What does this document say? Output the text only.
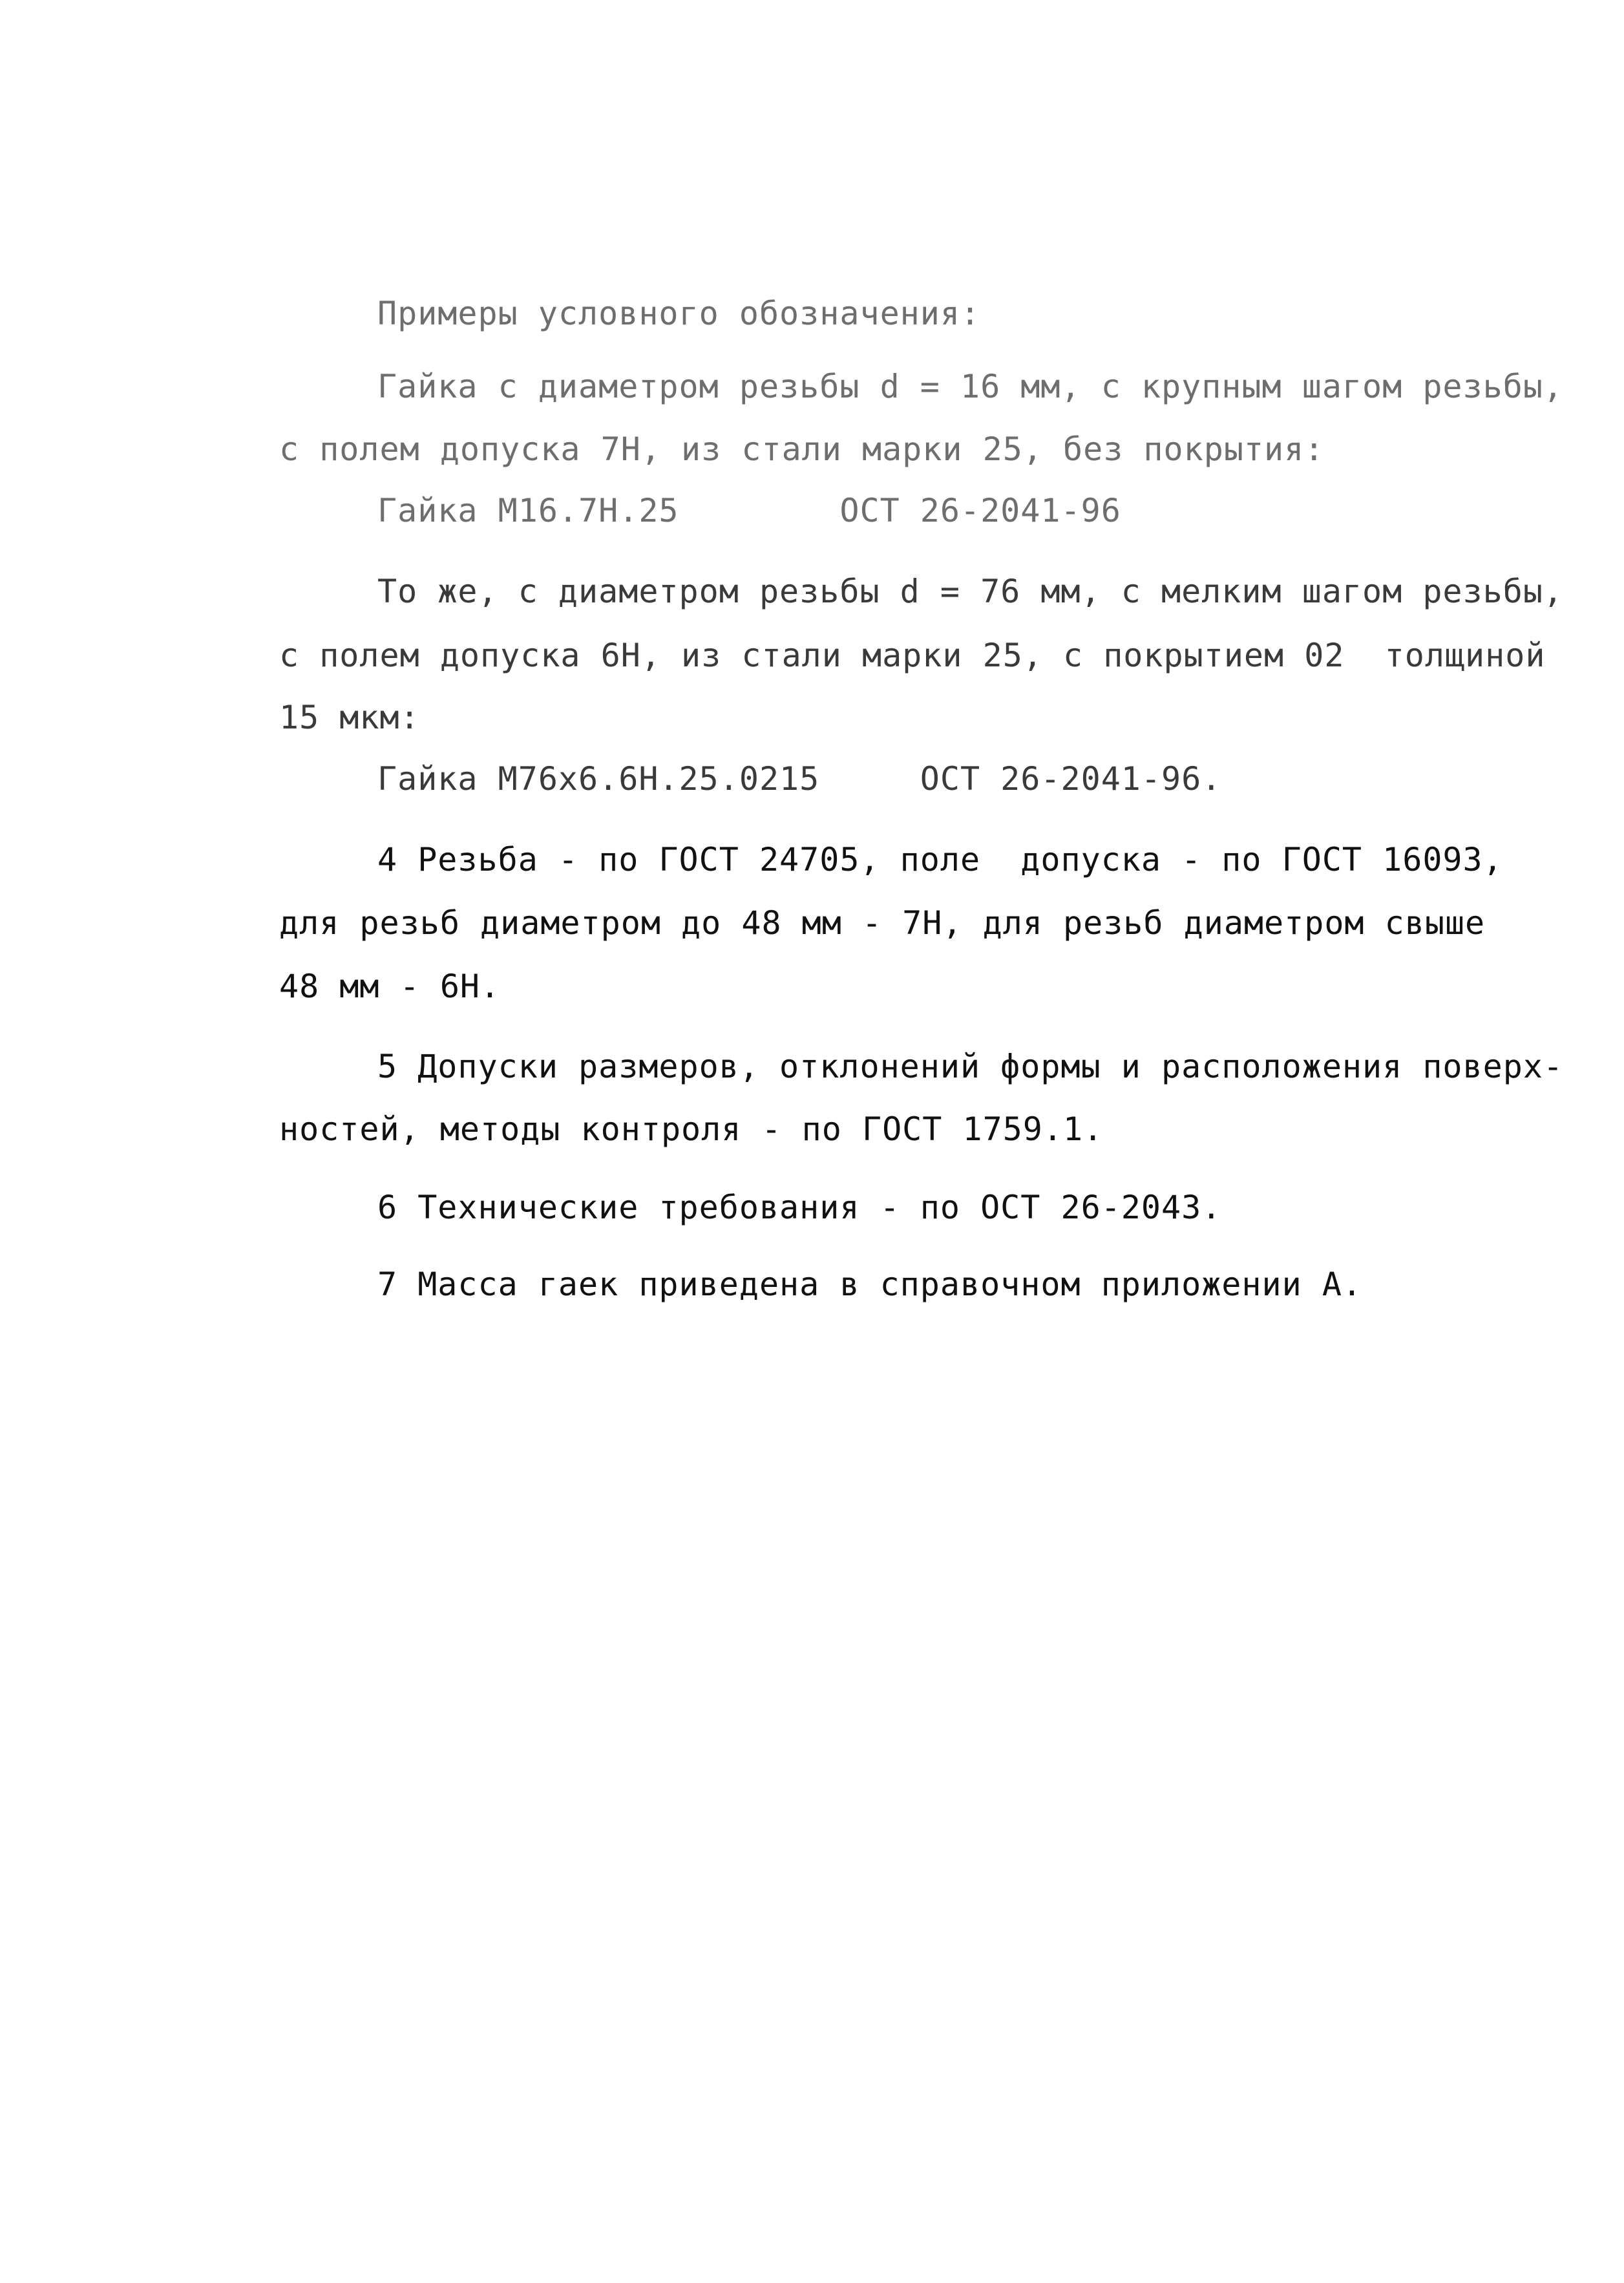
Примеры условного обозначения:
Гайка с диаметром резьбы d = 16 мм, с крупным шагом резьбы,
с полем допуска 7Н, из стали марки 25, без покрытия:
Гайка М16.7Н.25        ОСТ 26-2041-96
То же, с диаметром резьбы d = 76 мм, с мелким шагом резьбы,
с полем допуска 6Н, из стали марки 25, с покрытием 02  толщиной
15 мкм:
Гайка М76х6.6Н.25.0215     ОСТ 26-2041-96.
4 Резьба - по ГОСТ 24705, поле  допуска - по ГОСТ 16093,
для резьб диаметром до 48 мм - 7Н, для резьб диаметром свыше
48 мм - 6Н.
5 Допуски размеров, отклонений формы и расположения поверх-
ностей, методы контроля - по ГОСТ 1759.1.
6 Технические требования - по ОСТ 26-2043.
7 Масса гаек приведена в справочном приложении А.
